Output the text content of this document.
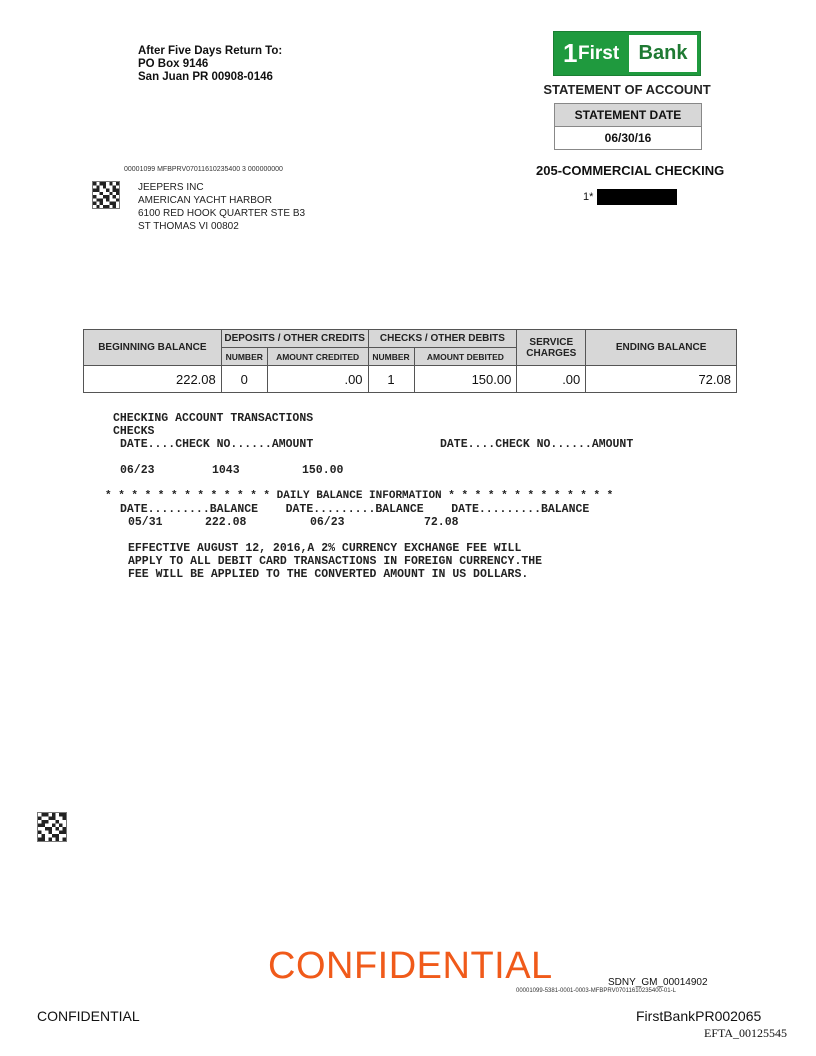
After Five Days Return To:
PO Box 9146
San Juan PR 00908-0146
1 First Bank
STATEMENT OF ACCOUNT
STATEMENT DATE
06/30/16
205-COMMERCIAL CHECKING
1*
00001099 MFBPRV07011610235400 3 000000000
JEEPERS INC
AMERICAN YACHT HARBOR
6100 RED HOOK QUARTER STE B3
ST THOMAS VI 00802
BEGINNING BALANCE	DEPOSITS / OTHER CREDITS		CHECKS / OTHER DEBITS		SERVICE CHARGES	ENDING BALANCE
	NUMBER	AMOUNT CREDITED	NUMBER	AMOUNT DEBITED		
222.08	0	.00	1	150.00	.00	72.08
CHECKING ACCOUNT TRANSACTIONS
CHECKS
DATE....CHECK NO......AMOUNT	DATE....CHECK NO......AMOUNT
06/23	1043	150.00
* * * * * * * * * * * * * DAILY BALANCE INFORMATION * * * * * * * * * * * * *
DATE.........BALANCE    DATE.........BALANCE    DATE.........BALANCE
05/31	222.08	06/23	72.08
EFFECTIVE AUGUST 12, 2016,A 2% CURRENCY EXCHANGE FEE WILL
APPLY TO ALL DEBIT CARD TRANSACTIONS IN FOREIGN CURRENCY.THE
FEE WILL BE APPLIED TO THE CONVERTED AMOUNT IN US DOLLARS.
CONFIDENTIAL	SDNY_GM_00014902
00001099-5381-0001-0003-MFBPRV07011610235400-01-L
CONFIDENTIAL	FirstBankPR002065
EFTA_00125545
